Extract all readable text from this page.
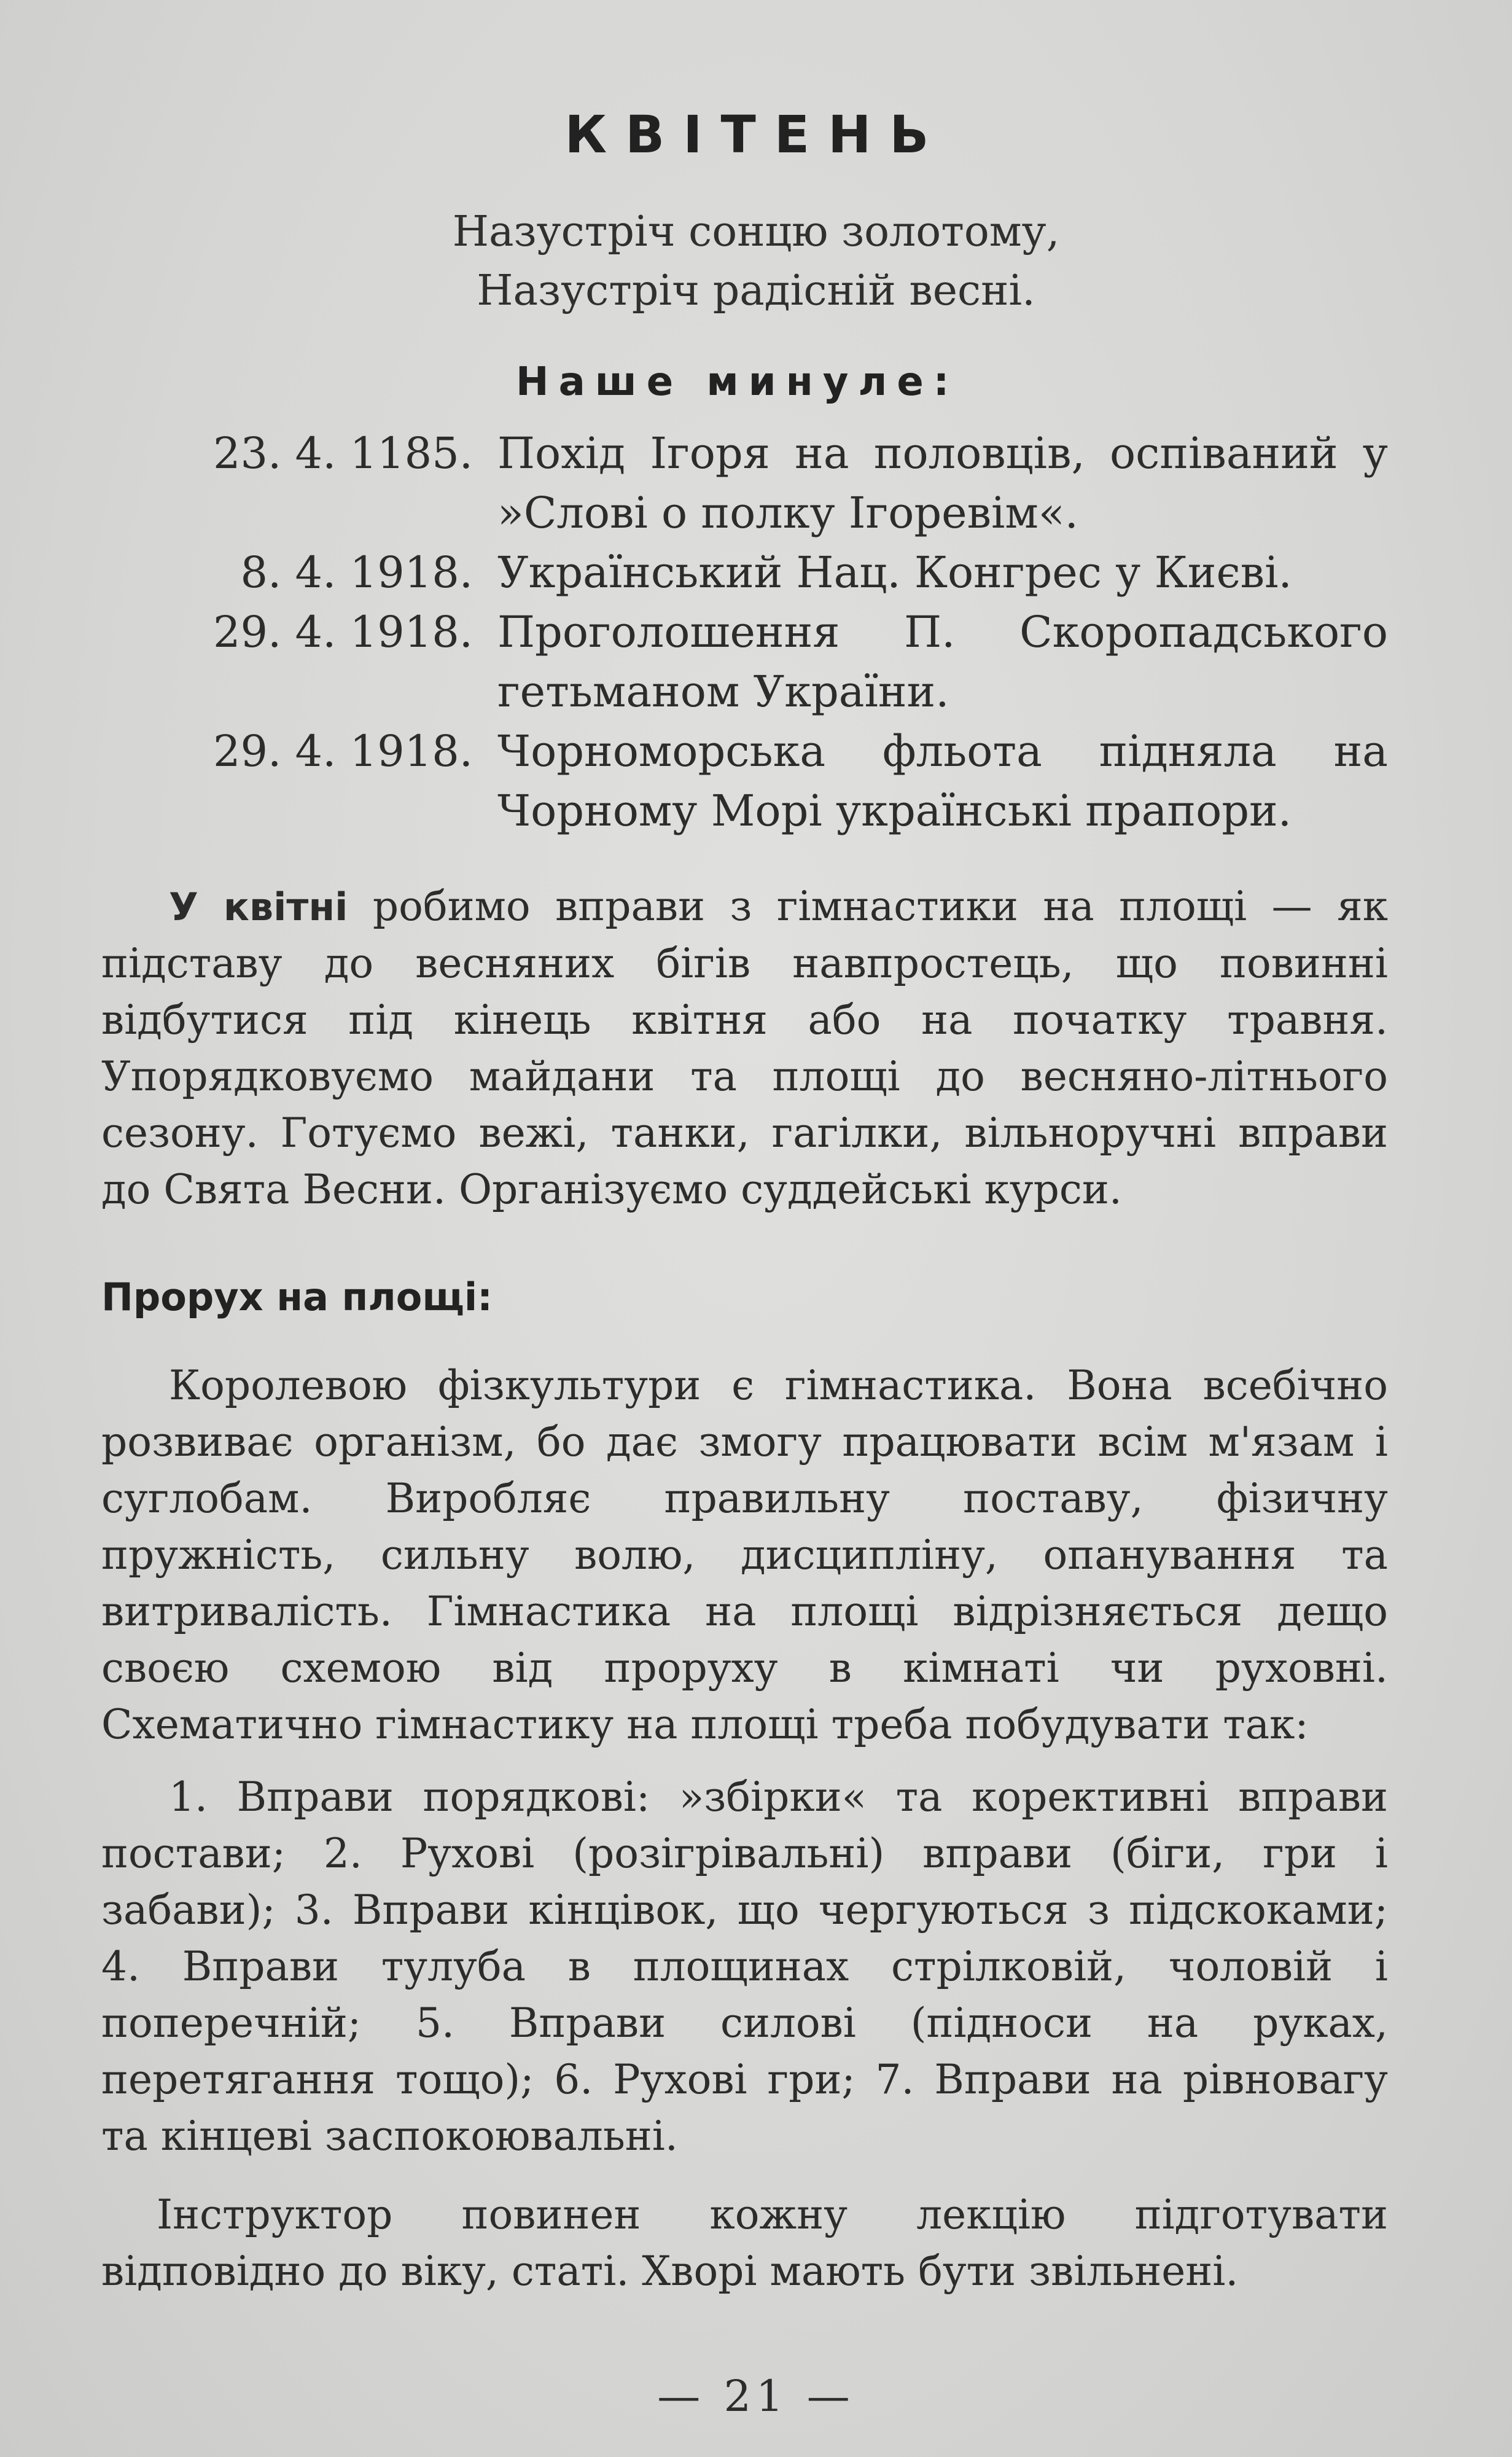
КВІТЕНЬ
Назустріч сонцю золотому,
Назустріч радісній весні.
Наше минуле:
23. 4. 1185. Похід Ігоря на половців, оспіваний у »Слові о полку Ігоревім«.
8. 4. 1918. Український Нац. Конгрес у Києві.
29. 4. 1918. Проголошення П. Скоропадського гетьманом України.
29. 4. 1918. Чорноморська фльота підняла на Чорному Морі українські прапори.
У квітні робимо вправи з гімнастики на площі — як підставу до весняних бігів навпростець, що повинні відбутися під кінець квітня або на початку травня. Упорядковуємо майдани та площі до весняно-літнього сезону. Готуємо вежі, танки, гагілки, вільноручні вправи до Свята Весни. Організуємо суддейські курси.
Прорух на площі:
Королевою фізкультури є гімнастика. Вона всебічно розвиває організм, бо дає змогу працювати всім м'язам і суглобам. Виробляє правильну поставу, фізичну пружність, сильну волю, дисципліну, опанування та витривалість. Гімнастика на площі відрізняється дещо своєю схемою від проруху в кімнаті чи руховні. Схематично гімнастику на площі треба побудувати так:
1. Вправи порядкові: »збірки« та корективні вправи постави; 2. Рухові (розігрівальні) вправи (біги, гри і забави); 3. Вправи кінцівок, що чергуються з підскоками; 4. Вправи тулуба в площинах стрілковій, чоловій і поперечній; 5. Вправи силові (підноси на руках, перетягання тощо); 6. Рухові гри; 7. Вправи на рівновагу та кінцеві заспокоювальні.
Інструктор повинен кожну лекцію підготувати відповідно до віку, статі. Хворі мають бути звільнені.
— 21 —
